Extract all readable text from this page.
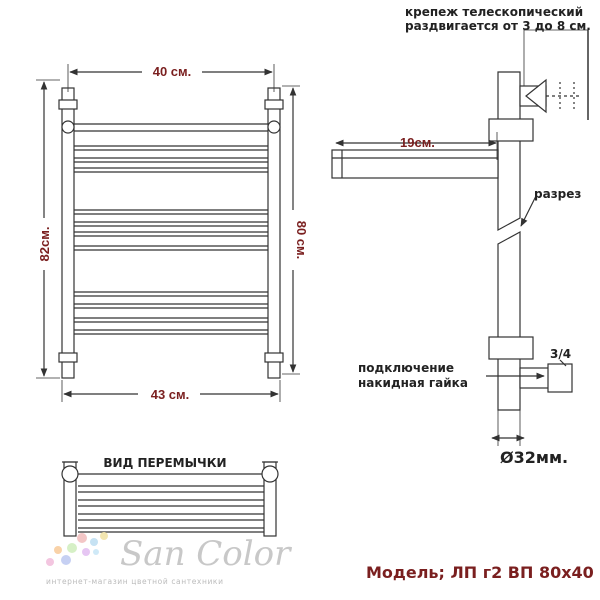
40 см.
43 см.
82см.	80 см.
крепеж телескопический
раздвигается от 3 до 8 см.
19см.
разрез
подключение
накидная гайка
3/4
Ø32мм.
ВИД ПЕРЕМЫЧКИ
San Color
интернет-магазин цветной сантехники	Модель; ЛП г2 ВП 80х40
